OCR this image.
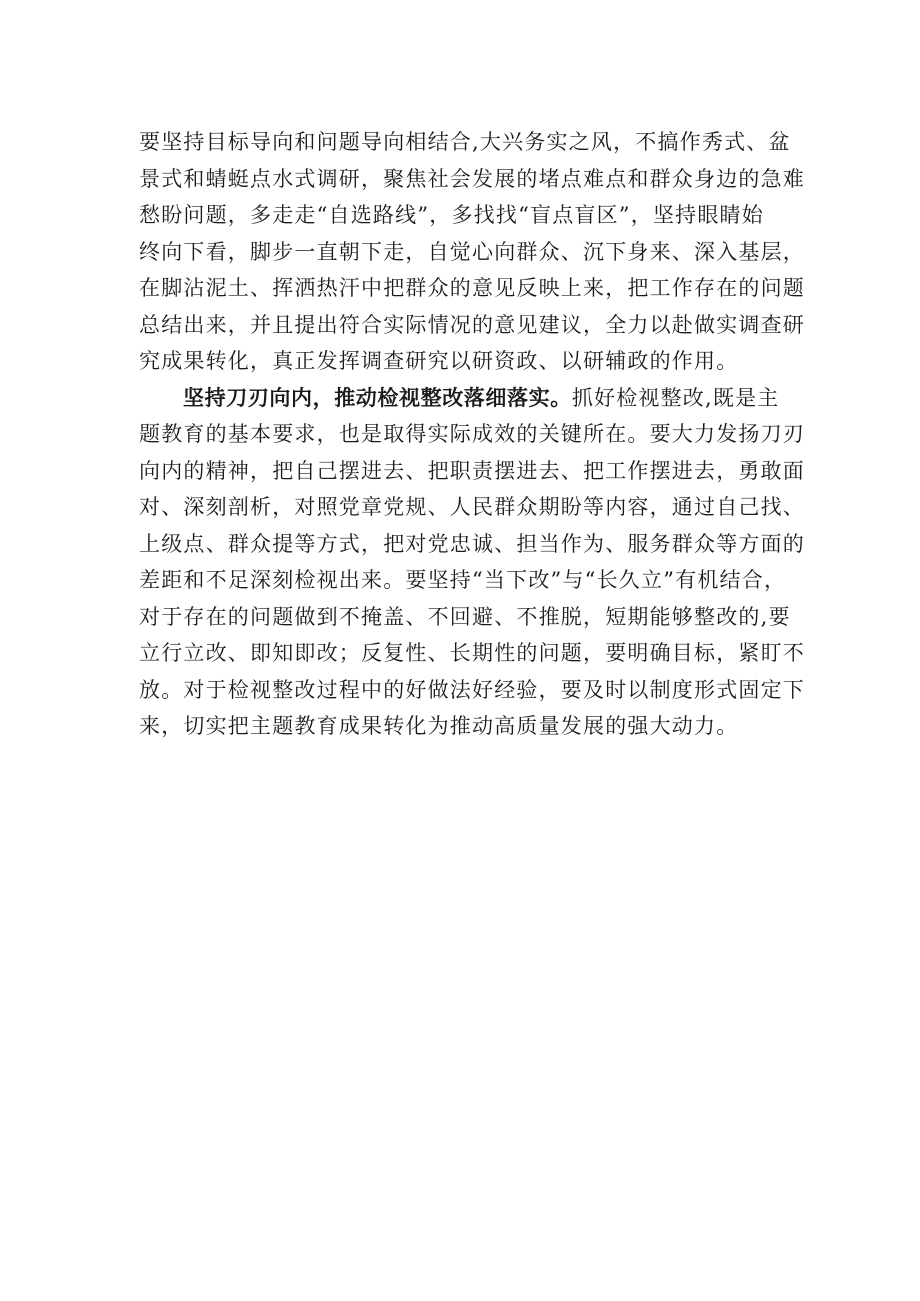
要坚持目标导向和问题导向相结合,大兴务实之风，不搞作秀式、盆
景式和蜻蜓点水式调研，聚焦社会发展的堵点难点和群众身边的急难
愁盼问题，多走走“自选路线”，多找找“盲点盲区”，坚持眼睛始
终向下看，脚步一直朝下走，自觉心向群众、沉下身来、深入基层，
在脚沾泥土、挥洒热汗中把群众的意见反映上来，把工作存在的问题
总结出来，并且提出符合实际情况的意见建议，全力以赴做实调查研
究成果转化，真正发挥调查研究以研资政、以研辅政的作用。
坚持刀刃向内，推动检视整改落细落实。抓好检视整改,既是主
题教育的基本要求，也是取得实际成效的关键所在。要大力发扬刀刃
向内的精神，把自己摆进去、把职责摆进去、把工作摆进去，勇敢面
对、深刻剖析，对照党章党规、人民群众期盼等内容，通过自己找、
上级点、群众提等方式，把对党忠诚、担当作为、服务群众等方面的
差距和不足深刻检视出来。要坚持“当下改”与“长久立”有机结合，
对于存在的问题做到不掩盖、不回避、不推脱，短期能够整改的,要
立行立改、即知即改；反复性、长期性的问题，要明确目标，紧盯不
放。对于检视整改过程中的好做法好经验，要及时以制度形式固定下
来，切实把主题教育成果转化为推动高质量发展的强大动力。
